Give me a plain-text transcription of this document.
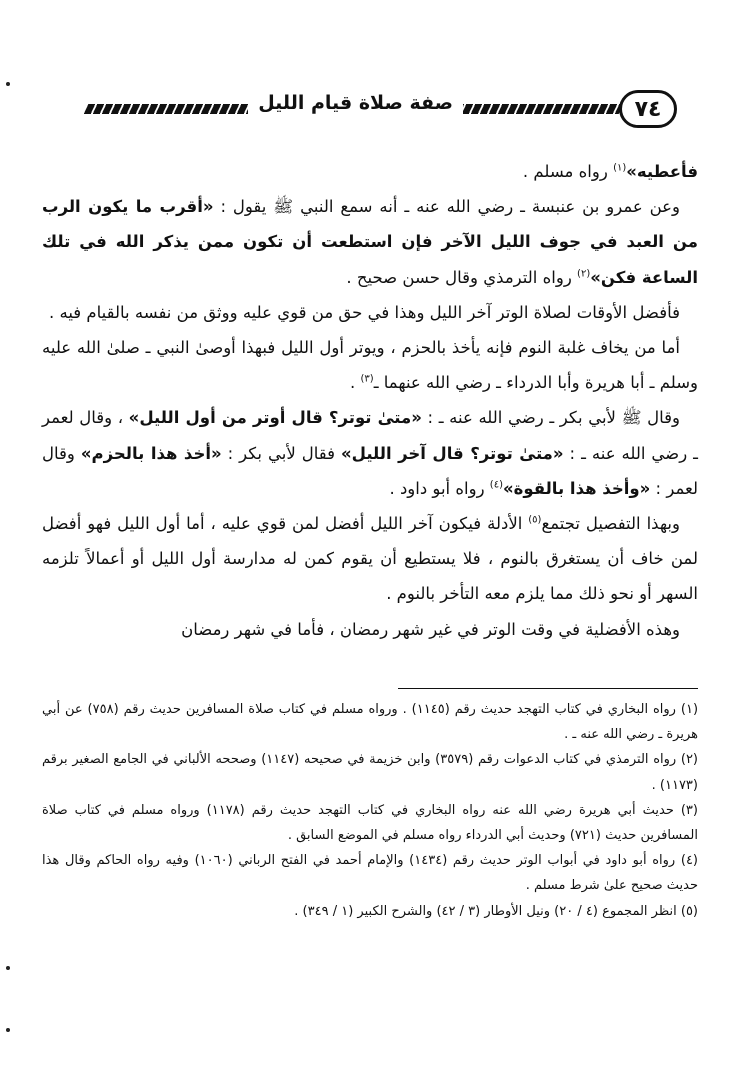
٧٤
صفة صلاة قيام الليل

فأعطيه»$^{(١)}$ رواه مسلم .

وعن عمرو بن عنبسة ـ رضي الله عنه ـ أنه سمع النبي ﷺ يقول : «أقرب ما يكون الرب من العبد في جوف الليل الآخر فإن استطعت أن تكون ممن يذكر الله في تلك الساعة فكن»$^{(٢)}$ رواه الترمذي وقال حسن صحيح .

فأفضل الأوقات لصلاة الوتر آخر الليل وهذا في حق من قوي عليه ووثق من نفسه بالقيام فيه .

أما من يخاف غلبة النوم فإنه يأخذ بالحزم ، ويوتر أول الليل فبهذا أوصىٰ النبي ـ صلىٰ الله عليه وسلم ـ أبا هريرة وأبا الدرداء ـ رضي الله عنهما ـ$^{(٣)}$ .

وقال ﷺ لأبي بكر ـ رضي الله عنه ـ : «متىٰ توتر؟ قال أوتر من أول الليل» ، وقال لعمر ـ رضي الله عنه ـ : «متىٰ توتر؟ قال آخر الليل» فقال لأبي بكر : «أخذ هذا بالحزم» وقال لعمر : «وأخذ هذا بالقوة»$^{(٤)}$ رواه أبو داود .

وبهذا التفصيل تجتمع$^{(٥)}$ الأدلة فيكون آخر الليل أفضل لمن قوي عليه ، أما أول الليل فهو أفضل لمن خاف أن يستغرق بالنوم ، فلا يستطيع أن يقوم كمن له مدارسة أول الليل أو أعمالاً تلزمه السهر أو نحو ذلك مما يلزم معه التأخر بالنوم .

وهذه الأفضلية في وقت الوتر في غير شهر رمضان ، فأما في شهر رمضان

(١) رواه البخاري في كتاب التهجد حديث رقم (١١٤٥) . ورواه مسلم في كتاب صلاة المسافرين حديث رقم (٧٥٨) عن أبي هريرة ـ رضي الله عنه ـ .

(٢) رواه الترمذي في كتاب الدعوات رقم (٣٥٧٩) وابن خزيمة في صحيحه (١١٤٧) وصححه الألباني في الجامع الصغير برقم (١١٧٣) .

(٣) حديث أبي هريرة رضي الله عنه رواه البخاري في كتاب التهجد حديث رقم (١١٧٨) ورواه مسلم في كتاب صلاة المسافرين حديث (٧٢١) وحديث أبي الدرداء رواه مسلم في الموضع السابق .

(٤) رواه أبو داود في أبواب الوتر حديث رقم (١٤٣٤) والإمام أحمد في الفتح الرباني (١٠٦٠) وفيه رواه الحاكم وقال هذا حديث صحيح علىٰ شرط مسلم .

(٥) انظر المجموع (٤ / ٢٠) ونيل الأوطار (٣ / ٤٢) والشرح الكبير (١ / ٣٤٩) .
